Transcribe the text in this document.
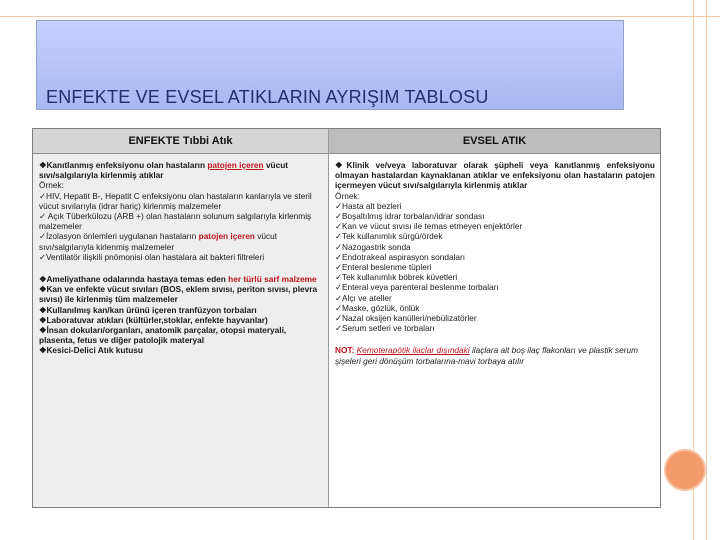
ENFEKTE VE EVSEL ATIKLARIN AYRIŞIM TABLOSU
ENFEKTE Tıbbi Atık
❖Kanıtlanmış enfeksiyonu olan hastaların patojen içeren vücut sıvı/salgılarıyla kirlenmiş atıklar
Örnek:
✓HIV, Hepatit B-, Hepatit C enfeksiyonu olan hastaların kanlarıyla ve steril vücut sıvılarıyla (idrar hariç) kirlenmiş malzemeler
✓ Açık Tüberkülozu (ARB +) olan hastaların solunum salgılarıyla kirlenmiş malzemeler
✓İzolasyon önlemleri uygulanan hastaların patojen içeren vücut sıvı/salgılarıyla kirlenmiş malzemeler
✓Ventilatör ilişkili pnömonisi olan hastalara ait bakteri filtreleri
❖Ameliyathane odalarında hastaya temas eden her türlü sarf malzeme
❖Kan ve enfekte vücut sıvıları (BOS, eklem sıvısı, periton sıvısı, plevra sıvısı) ile kirlenmiş tüm malzemeler
❖Kullanılmış kan/kan ürünü içeren tranfüzyon torbaları
❖Laboratuvar atıkları (kültürler,stoklar, enfekte hayvanlar)
❖İnsan dokuları/organları, anatomik parçalar, otopsi materyali, plasenta, fetus ve diğer patolojik materyal
❖Kesici-Delici Atık kutusu
EVSEL ATIK
❖Klinik ve/veya laboratuvar olarak şüpheli veya kanıtlanmış enfeksiyonu olmayan hastalardan kaynaklanan atıklar ve enfeksiyonu olan hastaların patojen içermeyen vücut sıvı/salgılarıyla kirlenmiş atıklar
Örnek:
✓Hasta alt bezleri
✓Boşaltılmış idrar torbaları/idrar sondası
✓Kan ve vücut sıvısı ile temas etmeyen enjektörler
✓Tek kullanımlık sürgü/ördek
✓Nazogastrik sonda
✓Endotrakeal aspirasyon sondaları
✓Enteral beslenme tüpleri
✓Tek kullanımlık böbrek küvetleri
✓Enteral veya parenteral beslenme torbaları
✓Alçı ve ateller
✓Maske, gözlük, önlük
✓Nazal oksijen kanülleri/nebülizatörler
✓Serum setleri ve torbaları
NOT: Kemoterapötik ilaçlar dışındaki ilaçlara ait boş ilaç flakonları ve plastik serum şişeleri geri dönüşüm torbalarına-mavi torbaya atılır
